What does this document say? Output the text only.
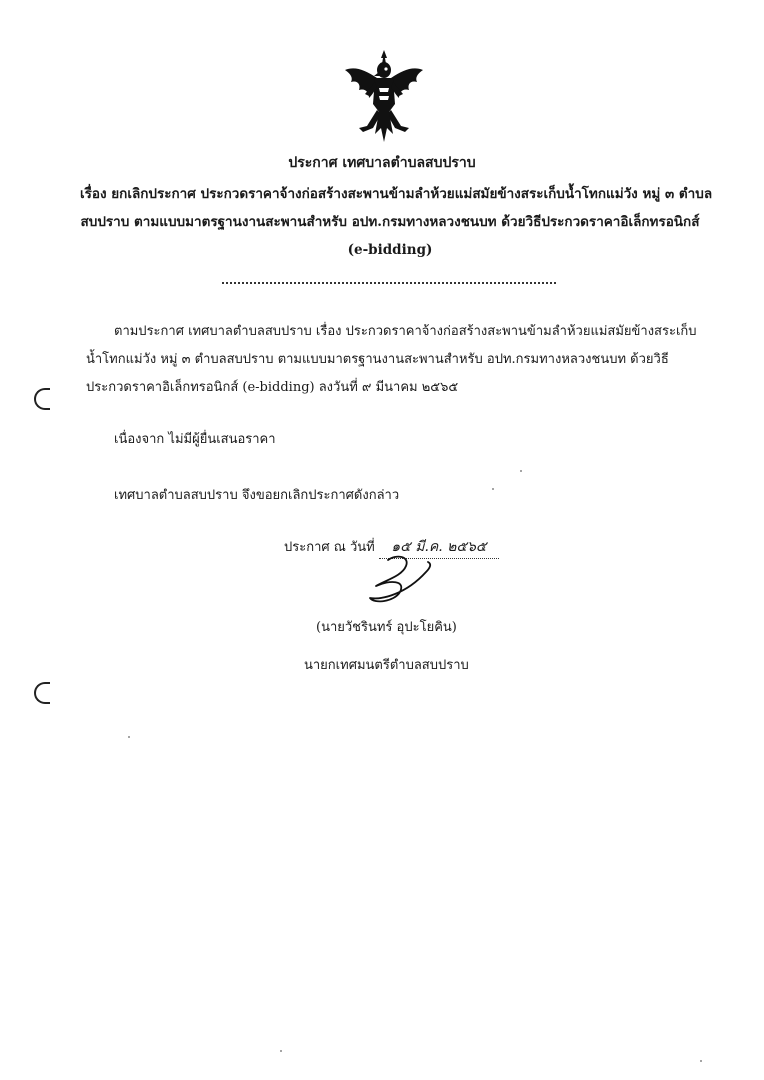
ประกาศ เทศบาลตำบลสบปราบ
เรื่อง ยกเลิกประกาศ ประกวดราคาจ้างก่อสร้างสะพานข้ามลำห้วยแม่สมัยข้างสระเก็บน้ำโทกแม่วัง หมู่ ๓ ตำบล
สบปราบ ตามแบบมาตรฐานงานสะพานสำหรับ อปท.กรมทางหลวงชนบท ด้วยวิธีประกวดราคาอิเล็กทรอนิกส์
(e-bidding)
ตามประกาศ เทศบาลตำบลสบปราบ เรื่อง ประกวดราคาจ้างก่อสร้างสะพานข้ามลำห้วยแม่สมัยข้างสระเก็บ
น้ำโทกแม่วัง หมู่ ๓ ตำบลสบปราบ ตามแบบมาตรฐานงานสะพานสำหรับ อปท.กรมทางหลวงชนบท ด้วยวิธี
ประกวดราคาอิเล็กทรอนิกส์ (e-bidding) ลงวันที่ ๙ มีนาคม ๒๕๖๕
เนื่องจาก ไม่มีผู้ยื่นเสนอราคา
เทศบาลตำบลสบปราบ จึงขอยกเลิกประกาศดังกล่าว
ประกาศ ณ วันที่ ๑๕ มี.ค. ๒๕๖๕
(นายวัชรินทร์ อุปะโยคิน)
นายกเทศมนตรีตำบลสบปราบ
